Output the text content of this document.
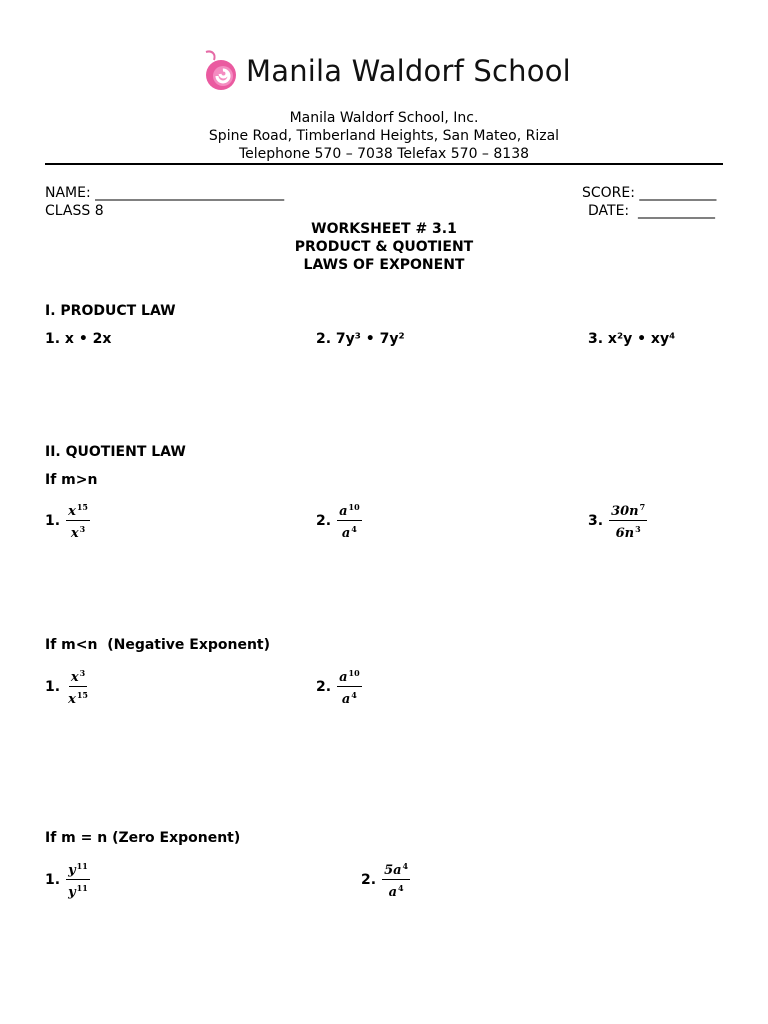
Manila Waldorf School
Manila Waldorf School, Inc.
Spine Road, Timberland Heights, San Mateo, Rizal
Telephone 570 – 7038 Telefax 570 – 8138
NAME: ___________________________
CLASS 8
SCORE: ___________
DATE:  ___________
WORKSHEET # 3.1
PRODUCT & QUOTIENT
LAWS OF EXPONENT
I. PRODUCT LAW
1. x • 2x	2. 7y³ • 7y²	3. x²y • xy⁴
II. QUOTIENT LAW
If m>n
1. $\frac{x^{15}}{x^3}$	2. $\frac{a^{10}}{a^4}$	3. $\frac{30n^7}{6n^3}$
If m<n  (Negative Exponent)
1. $\frac{x^3}{x^{15}}$	2. $\frac{a^{10}}{a^4}$
If m = n (Zero Exponent)
1. $\frac{y^{11}}{y^{11}}$	2. $\frac{5a^4}{a^4}$
